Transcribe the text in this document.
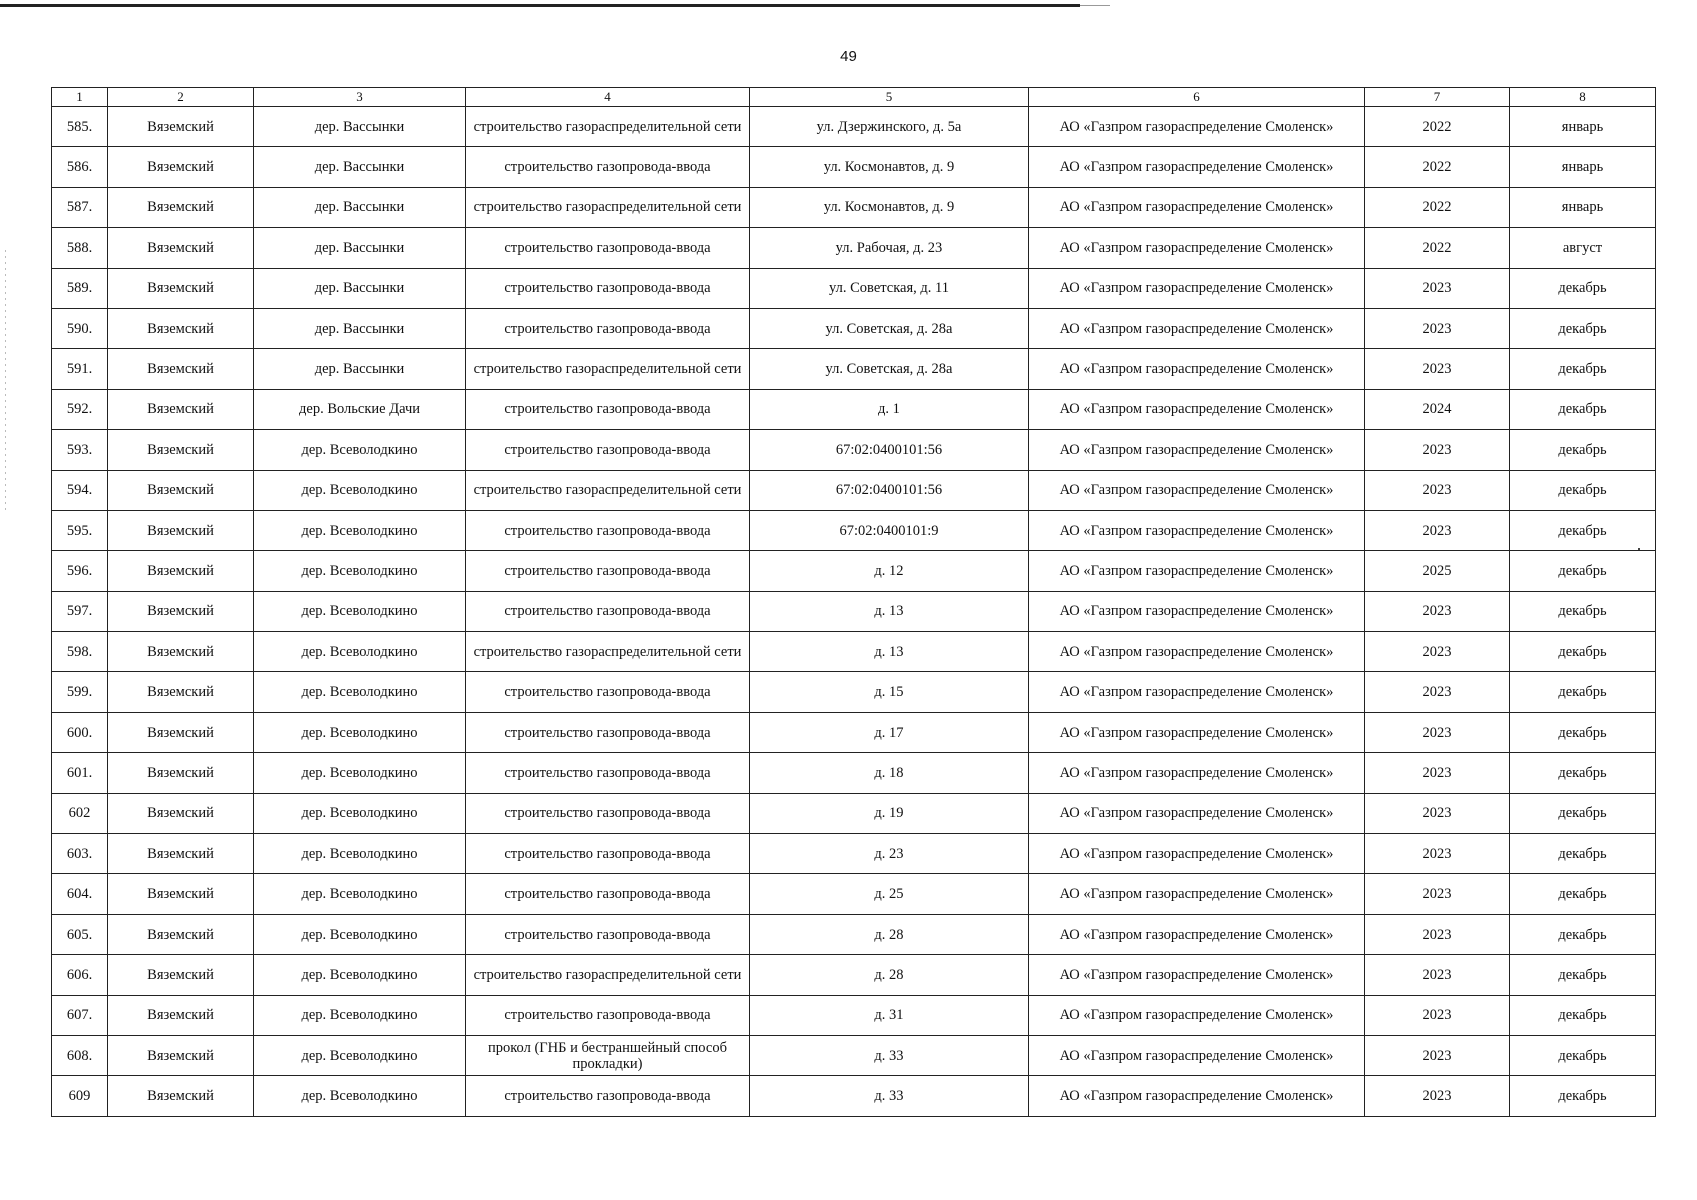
49
1	2	3	4	5	6	7	8
585.	Вяземский	дер. Вассынки	строительство газораспределительной сети	ул. Дзержинского, д. 5а	АО «Газпром газораспределение Смоленск»	2022	январь
586.	Вяземский	дер. Вассынки	строительство газопровода-ввода	ул. Космонавтов, д. 9	АО «Газпром газораспределение Смоленск»	2022	январь
587.	Вяземский	дер. Вассынки	строительство газораспределительной сети	ул. Космонавтов, д. 9	АО «Газпром газораспределение Смоленск»	2022	январь
588.	Вяземский	дер. Вассынки	строительство газопровода-ввода	ул. Рабочая, д. 23	АО «Газпром газораспределение Смоленск»	2022	август
589.	Вяземский	дер. Вассынки	строительство газопровода-ввода	ул. Советская, д. 11	АО «Газпром газораспределение Смоленск»	2023	декабрь
590.	Вяземский	дер. Вассынки	строительство газопровода-ввода	ул. Советская, д. 28а	АО «Газпром газораспределение Смоленск»	2023	декабрь
591.	Вяземский	дер. Вассынки	строительство газораспределительной сети	ул. Советская, д. 28а	АО «Газпром газораспределение Смоленск»	2023	декабрь
592.	Вяземский	дер. Вольские Дачи	строительство газопровода-ввода	д. 1	АО «Газпром газораспределение Смоленск»	2024	декабрь
593.	Вяземский	дер. Всеволодкино	строительство газопровода-ввода	67:02:0400101:56	АО «Газпром газораспределение Смоленск»	2023	декабрь
594.	Вяземский	дер. Всеволодкино	строительство газораспределительной сети	67:02:0400101:56	АО «Газпром газораспределение Смоленск»	2023	декабрь
595.	Вяземский	дер. Всеволодкино	строительство газопровода-ввода	67:02:0400101:9	АО «Газпром газораспределение Смоленск»	2023	декабрь
596.	Вяземский	дер. Всеволодкино	строительство газопровода-ввода	д. 12	АО «Газпром газораспределение Смоленск»	2025	декабрь
597.	Вяземский	дер. Всеволодкино	строительство газопровода-ввода	д. 13	АО «Газпром газораспределение Смоленск»	2023	декабрь
598.	Вяземский	дер. Всеволодкино	строительство газораспределительной сети	д. 13	АО «Газпром газораспределение Смоленск»	2023	декабрь
599.	Вяземский	дер. Всеволодкино	строительство газопровода-ввода	д. 15	АО «Газпром газораспределение Смоленск»	2023	декабрь
600.	Вяземский	дер. Всеволодкино	строительство газопровода-ввода	д. 17	АО «Газпром газораспределение Смоленск»	2023	декабрь
601.	Вяземский	дер. Всеволодкино	строительство газопровода-ввода	д. 18	АО «Газпром газораспределение Смоленск»	2023	декабрь
602	Вяземский	дер. Всеволодкино	строительство газопровода-ввода	д. 19	АО «Газпром газораспределение Смоленск»	2023	декабрь
603.	Вяземский	дер. Всеволодкино	строительство газопровода-ввода	д. 23	АО «Газпром газораспределение Смоленск»	2023	декабрь
604.	Вяземский	дер. Всеволодкино	строительство газопровода-ввода	д. 25	АО «Газпром газораспределение Смоленск»	2023	декабрь
605.	Вяземский	дер. Всеволодкино	строительство газопровода-ввода	д. 28	АО «Газпром газораспределение Смоленск»	2023	декабрь
606.	Вяземский	дер. Всеволодкино	строительство газораспределительной сети	д. 28	АО «Газпром газораспределение Смоленск»	2023	декабрь
607.	Вяземский	дер. Всеволодкино	строительство газопровода-ввода	д. 31	АО «Газпром газораспределение Смоленск»	2023	декабрь
608.	Вяземский	дер. Всеволодкино	прокол (ГНБ и бестраншейный способ прокладки)	д. 33	АО «Газпром газораспределение Смоленск»	2023	декабрь
609	Вяземский	дер. Всеволодкино	строительство газопровода-ввода	д. 33	АО «Газпром газораспределение Смоленск»	2023	декабрь
